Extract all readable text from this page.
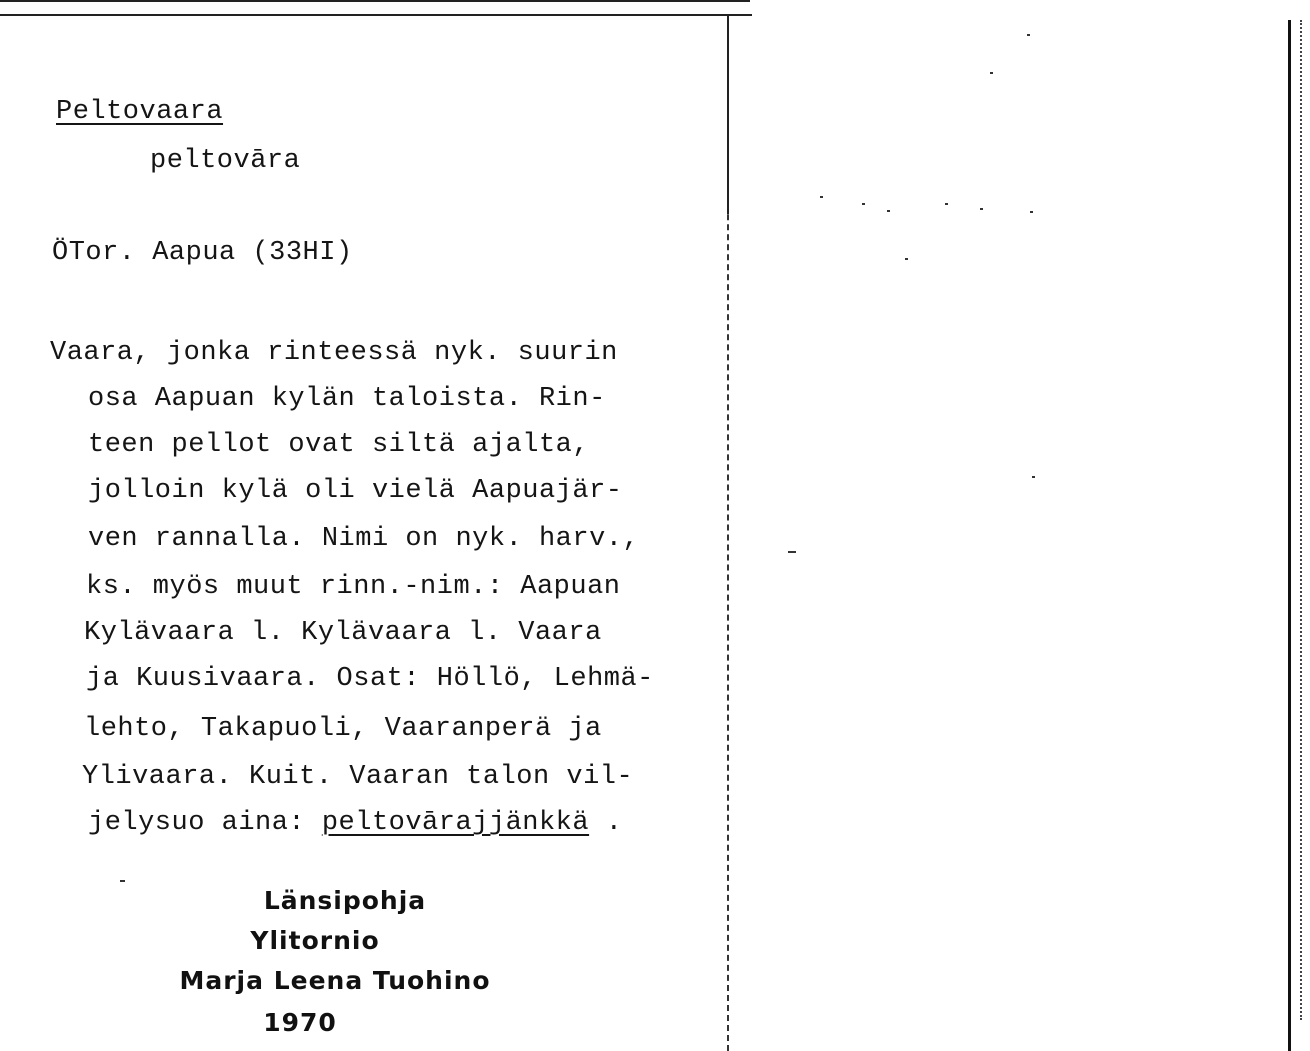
Peltovaara
peltovāra
ÖTor. Aapua (33HI)
Vaara, jonka rinteessä nyk. suurin
osa Aapuan kylän taloista. Rin-
teen pellot ovat siltä ajalta,
jolloin kylä oli vielä Aapuajär-
ven rannalla. Nimi on nyk. harv.,
ks. myös muut rinn.-nim.: Aapuan
Kylävaara l. Kylävaara l. Vaara
ja Kuusivaara. Osat: Höllö, Lehmä-
lehto, Takapuoli, Vaaranperä ja
Ylivaara. Kuit. Vaaran talon vil-
jelysuo aina: peltovārajjänkkä .
Länsipohja
Ylitornio
Marja Leena Tuohino
1970
